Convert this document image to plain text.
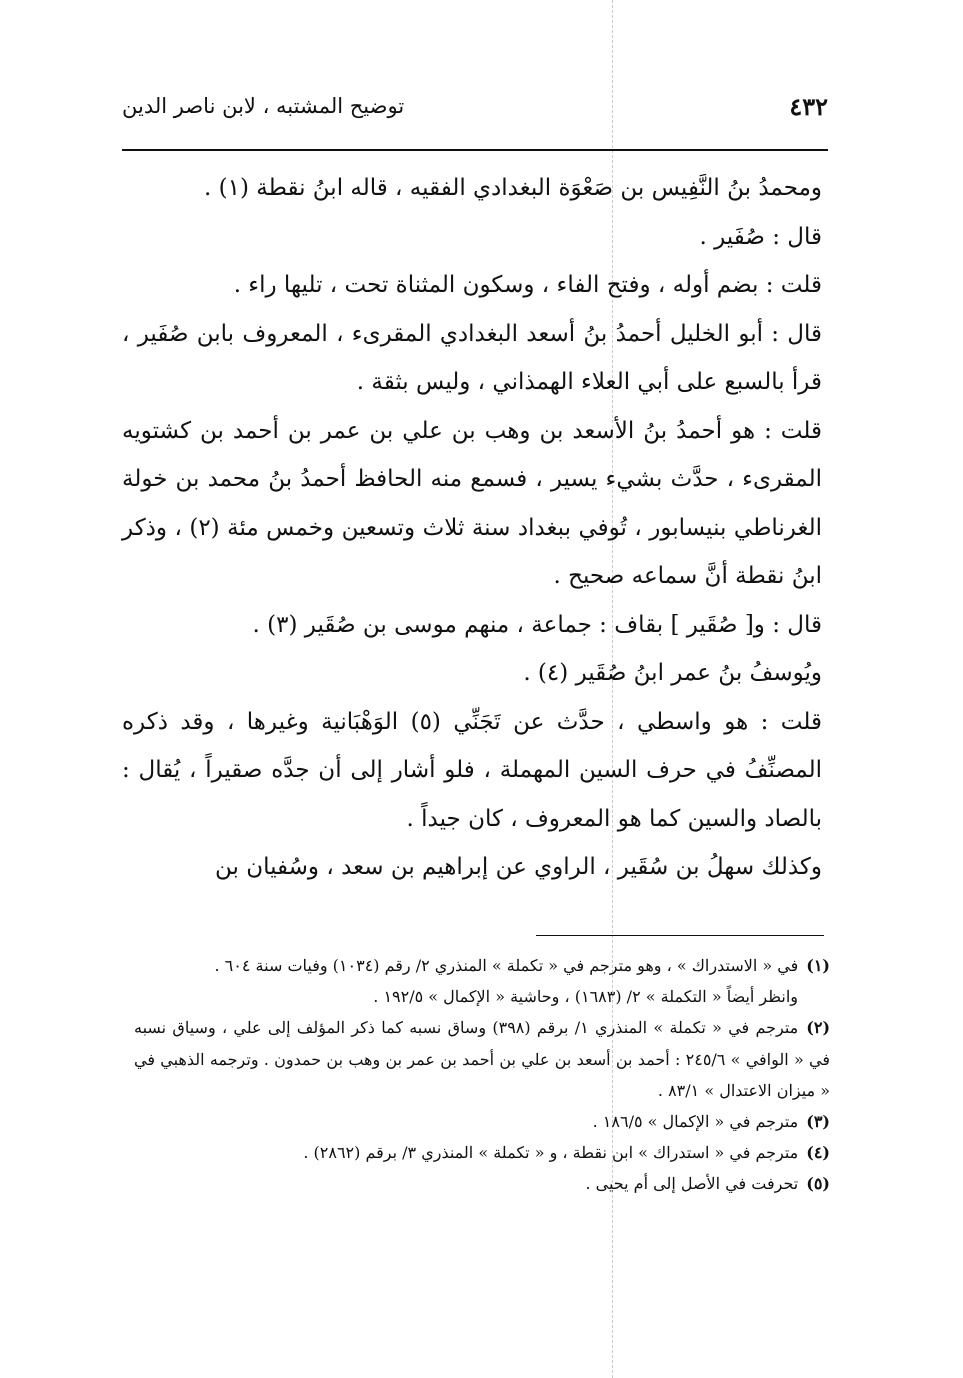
٤٣٢
توضيح المشتبه ، لابن ناصر الدين

ومحمدُ بنُ النَّفِيس بن صَعْوَة البغدادي الفقيه ، قاله ابنُ نقطة (١) .

قال : صُفَير .

قلت : بضم أوله ، وفتح الفاء ، وسكون المثناة تحت ، تليها راء .

قال : أبو الخليل أحمدُ بنُ أسعد البغدادي المقرىء ، المعروف بابن صُفَير ، قرأ بالسبع على أبي العلاء الهمذاني ، وليس بثقة .

قلت : هو أحمدُ بنُ الأسعد بن وهب بن علي بن عمر بن أحمد بن كشتويه المقرىء ، حدَّث بشيء يسير ، فسمع منه الحافظ أحمدُ بنُ محمد بن خولة الغرناطي بنيسابور ، تُوفي ببغداد سنة ثلاث وتسعين وخمس مئة (٢) ، وذكر ابنُ نقطة أنَّ سماعه صحيح .

قال : و[ صُقَير ] بقاف : جماعة ، منهم موسى بن صُقَير (٣) .

ويُوسفُ بنُ عمر ابنُ صُقَير (٤) .

قلت : هو واسطي ، حدَّث عن تَجَنِّي (٥) الوَهْبَانية وغيرها ، وقد ذكره المصنِّفُ في حرف السين المهملة ، فلو أشار إلى أن جدَّه صقيراً ، يُقال : بالصاد والسين كما هو المعروف ، كان جيداً .

وكذلك سهلُ بن سُقَير ، الراوي عن إبراهيم بن سعد ، وسُفيان بن

(١)في « الاستدراك » ، وهو مترجم في « تكملة » المنذري ٢/ رقم (١٠٣٤) وفيات سنة ٦٠٤ .

وانظر أيضاً « التكملة » ٢/ (١٦٨٣) ، وحاشية « الإكمال » ١٩٢/٥ .

(٢)مترجم في « تكملة » المنذري ١/ برقم (٣٩٨) وساق نسبه كما ذكر المؤلف إلى علي ، وسياق نسبه في « الوافي » ٢٤٥/٦ : أحمد بن أسعد بن علي بن أحمد بن عمر بن وهب بن حمدون . وترجمه الذهبي في « ميزان الاعتدال » ٨٣/١ .

(٣)مترجم في « الإكمال » ١٨٦/٥ .

(٤)مترجم في « استدراك » ابن نقطة ، و « تكملة » المنذري ٣/ برقم (٢٨٦٢) .

(٥)تحرفت في الأصل إلى أم يحيى .
